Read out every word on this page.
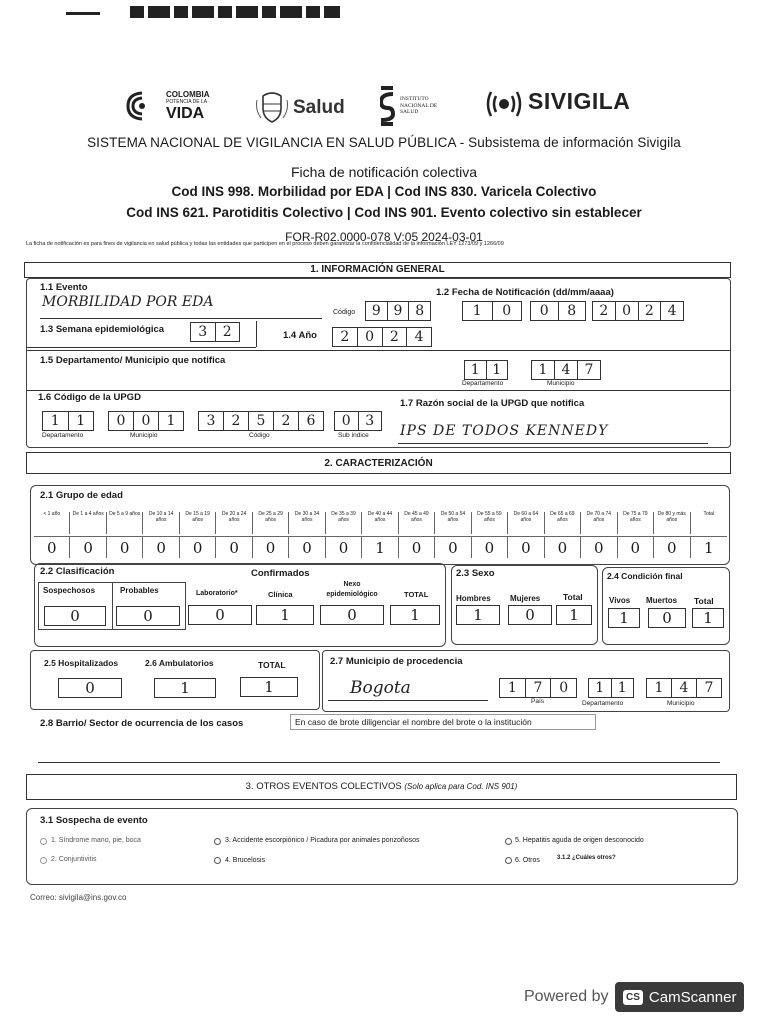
COLOMBIA
POTENCIA DE LA
VIDA	Salud	INSTITUTO
NACIONAL DE
SALUD	SIVIGILA
SISTEMA NACIONAL DE VIGILANCIA EN SALUD PÚBLICA - Subsistema de información Sivigila
Ficha de notificación colectiva
Cod INS 998. Morbilidad por EDA | Cod INS 830. Varicela Colectivo
Cod INS 621. Parotiditis Colectivo | Cod INS 901. Evento colectivo sin establecer
FOR-R02.0000-078 V:05 2024-03-01
La ficha de notificación es para fines de vigilancia en salud pública y todas las entidades que participen en el proceso deben garantizar la confidencialidad de la información LEY 1273/09 y 1266/09
1. INFORMACIÓN GENERAL
1.1 Evento
MORBILIDAD POR EDA
Código	9 9 8
1.2 Fecha de Notificación (dd/mm/aaaa)
1	0	0	8	2 0 2 4
1.3 Semana epidemiológica	3	2	1.4 Año	2	0	2	4
1.5 Departamento/ Municipio que notifica
1 1	1	4	7
Departamento	Municipio
1.6 Código de la UPGD
1	1	0	0	1	3	2	5	2	6	0	3
Departamento	Municipio	Código	Sub índice
1.7 Razón social de la UPGD que notifica
IPS DE TODOS KENNEDY
2. CARACTERIZACIÓN
2.1 Grupo de edad
< 1 año
0
De 1 a 4 años
0
De 5 a 9 años
0
De 10 a 14 años
0
De 15 a 19 años
0
De 20 a 24 años
0
De 25 a 29 años
0
De 30 a 34 años
0
De 35 a 39 años
0
De 40 a 44 años
1
De 45 a 49 años
0
De 50 a 54 años
0
De 55 a 59 años
0
De 60 a 64 años
0
De 65 a 69 años
0
De 70 a 74 años
0
De 75 a 79 años
0
De 80 y más años
0
Total
1
2.2 Clasificación	Confirmados
Sospechosos	Probables	Laboratorio*	Clínica
Nexo epidemiológico	TOTAL
0	0	0	1	0	1
2.3 Sexo
Hombres Mujeres	Total
1	0	1
2.4 Condición final
Vivos Muertos Total
1	0	1
2.5 Hospitalizados	2.6 Ambulatorios	TOTAL
0	1	1
2.7 Municipio de procedencia
Bogota	1	7	0	1 1	1	4	7
País	Departamento	Municipio
2.8 Barrio/ Sector de ocurrencia de los casos	En caso de brote diligenciar el nombre del brote o la institución
3. OTROS EVENTOS COLECTIVOS (Solo aplica para Cod. INS 901)
3.1 Sospecha de evento
1. Síndrome mano, pie, boca
2. Conjuntivitis
3. Accidente escorpiónico / Picadura por animales ponzoñosos
4. Brucelosis
5. Hepatitis aguda de origen desconocido
6. Otros	3.1.2 ¿Cuáles otros?
Correo: sivigila@ins.gov.co
Powered by	CS CamScanner
